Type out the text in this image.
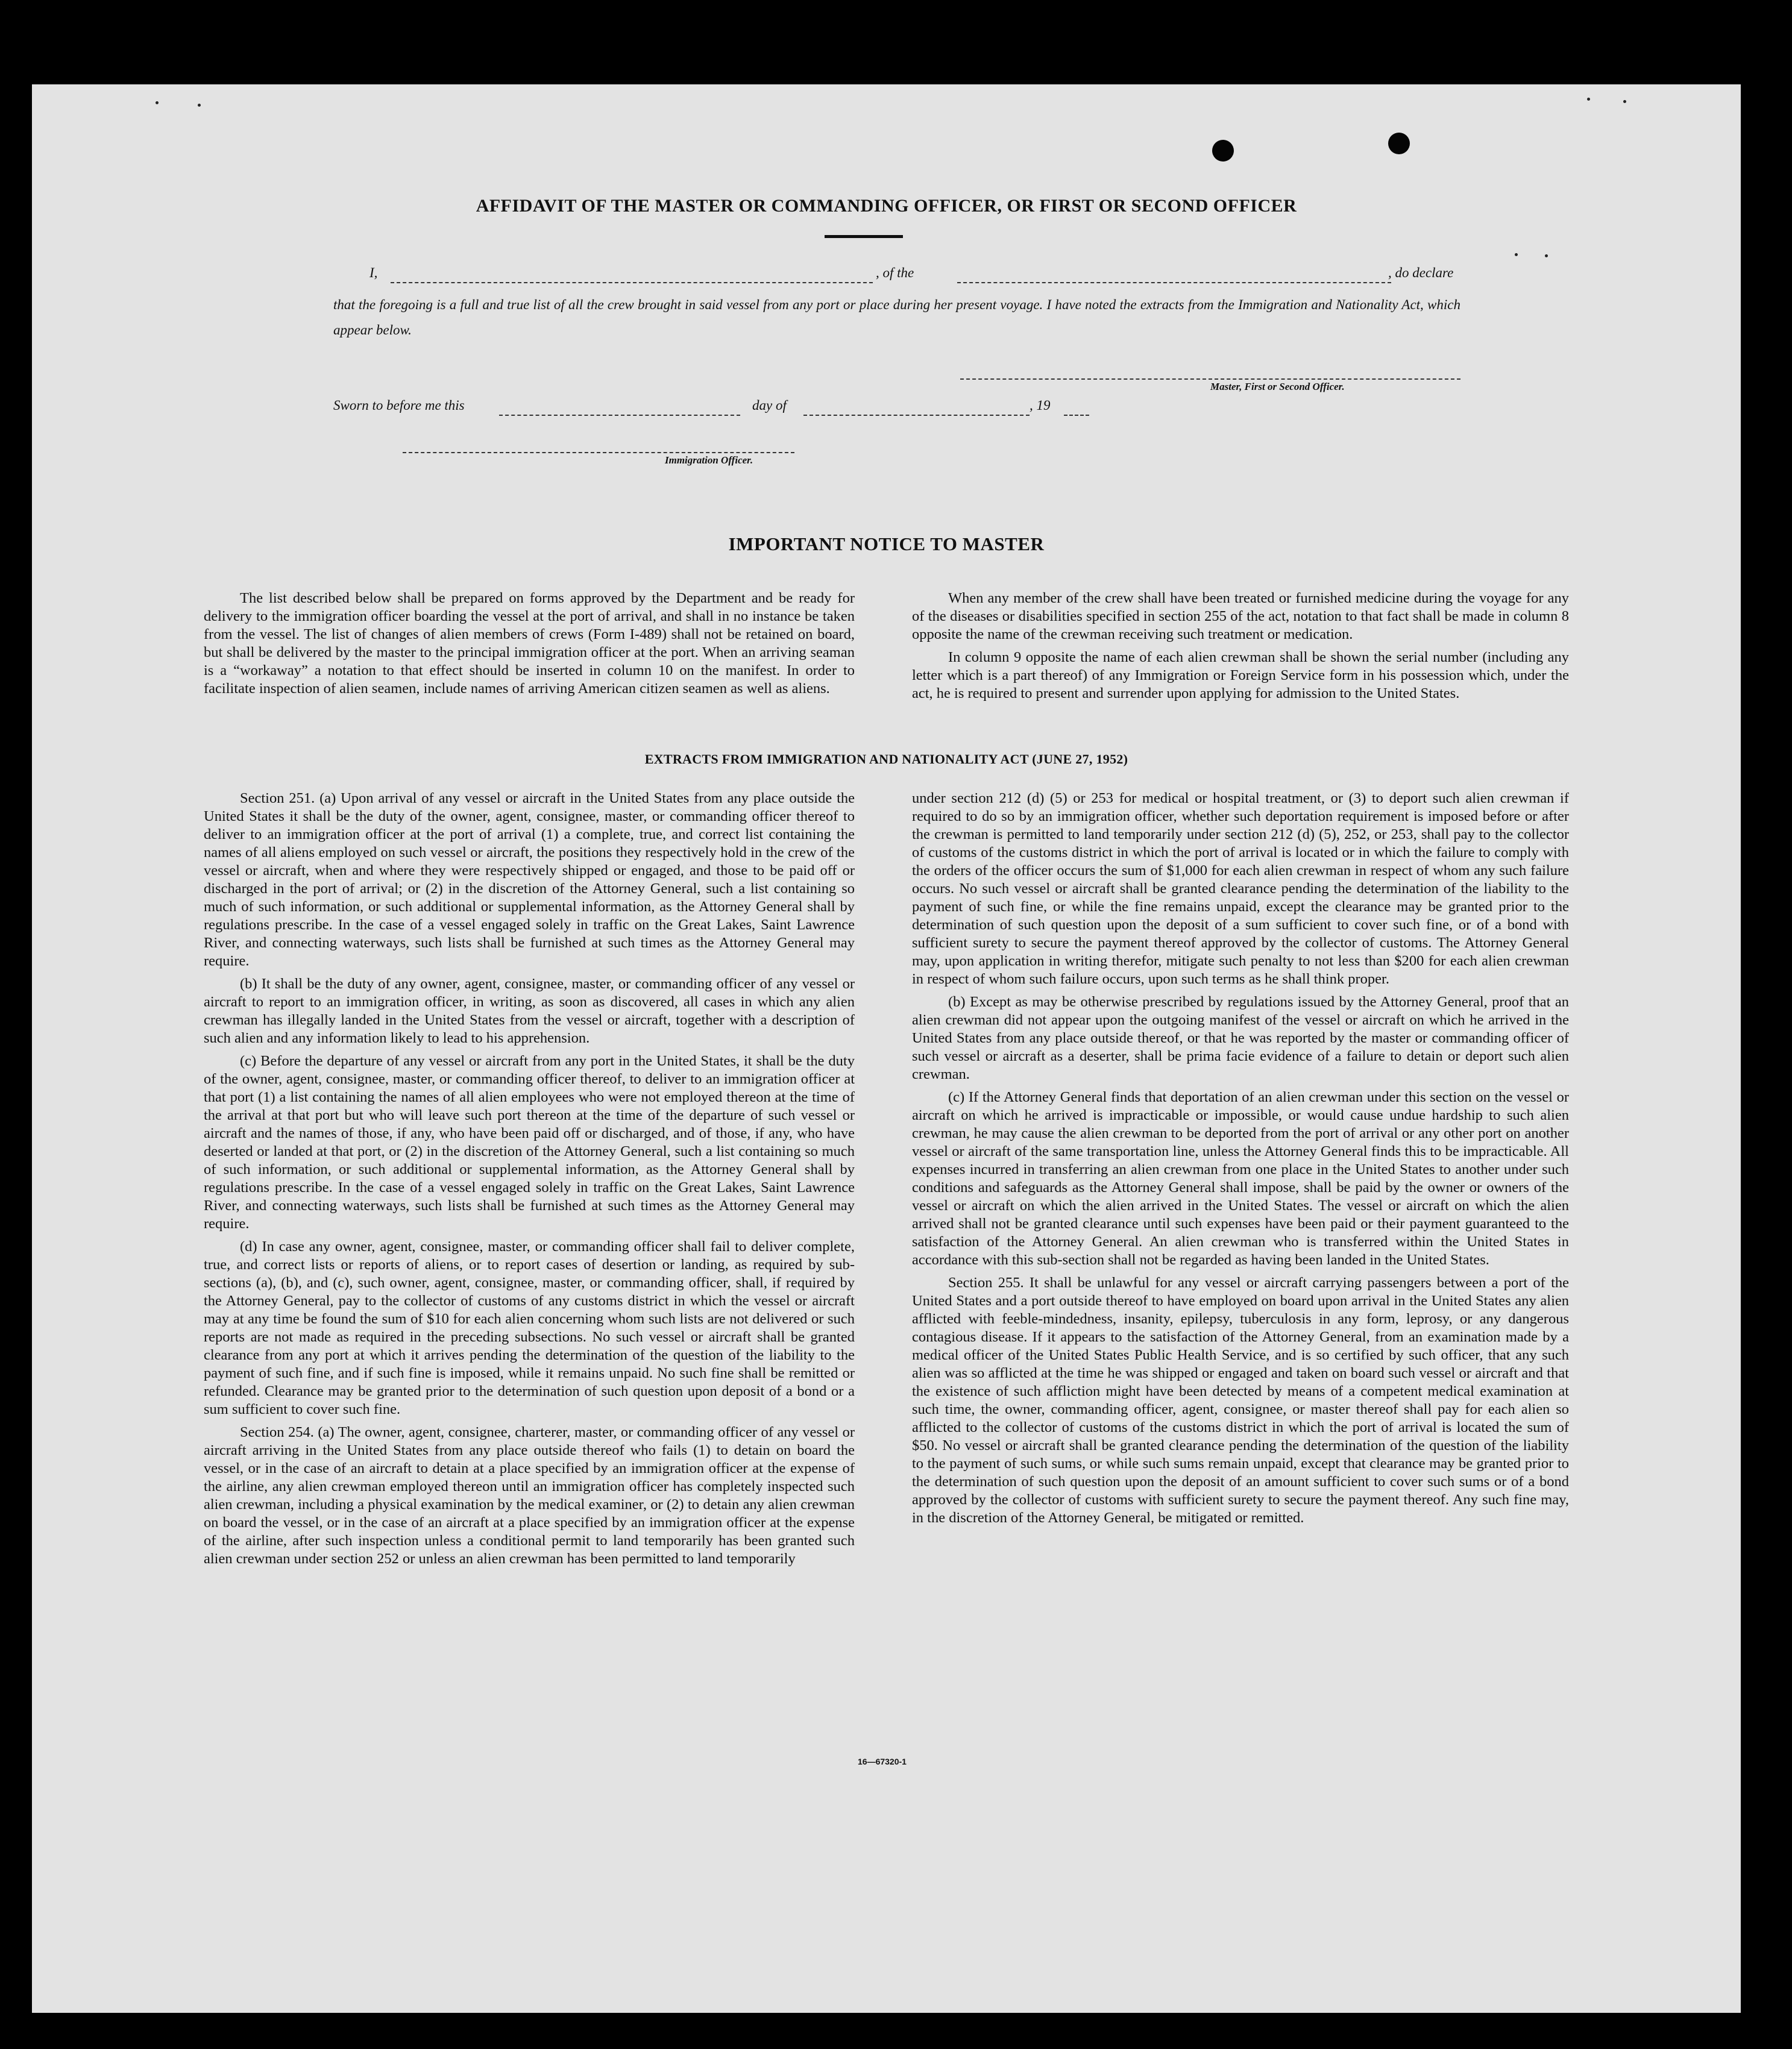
AFFIDAVIT OF THE MASTER OR COMMANDING OFFICER, OR FIRST OR SECOND OFFICER
I,	, of the	, do declare
that the foregoing is a full and true list of all the crew brought in said vessel from any port or place during her present voyage. I have noted the extracts from the Immigration and Nationality Act, which appear below.
Master, First or Second Officer.
Sworn to before me this	day of	, 19
Immigration Officer.
IMPORTANT NOTICE TO MASTER

The list described below shall be prepared on forms approved by the Department and be ready for delivery to the immigration officer boarding the vessel at the port of arrival, and shall in no instance be taken from the vessel. The list of changes of alien members of crews (Form I-489) shall not be retained on board, but shall be delivered by the master to the principal immigration officer at the port. When an arriving seaman is a “workaway” a notation to that effect should be inserted in column 10 on the manifest. In order to facilitate inspection of alien seamen, include names of arriving American citizen seamen as well as aliens.

When any member of the crew shall have been treated or furnished medicine during the voyage for any of the diseases or disabilities specified in section 255 of the act, notation to that fact shall be made in column 8 opposite the name of the crewman receiving such treatment or medication.

In column 9 opposite the name of each alien crewman shall be shown the serial number (including any letter which is a part thereof) of any Immigration or Foreign Service form in his possession which, under the act, he is required to present and surrender upon applying for admission to the United States.

EXTRACTS FROM IMMIGRATION AND NATIONALITY ACT (JUNE 27, 1952)

Section 251. (a) Upon arrival of any vessel or aircraft in the United States from any place outside the United States it shall be the duty of the owner, agent, consignee, master, or commanding officer thereof to deliver to an immigration officer at the port of arrival (1) a complete, true, and correct list containing the names of all aliens employed on such vessel or aircraft, the positions they respectively hold in the crew of the vessel or aircraft, when and where they were respectively shipped or engaged, and those to be paid off or discharged in the port of arrival; or (2) in the discretion of the Attorney General, such a list containing so much of such information, or such additional or supplemental information, as the Attorney General shall by regulations prescribe. In the case of a vessel engaged solely in traffic on the Great Lakes, Saint Lawrence River, and connecting waterways, such lists shall be furnished at such times as the Attorney General may require.

(b) It shall be the duty of any owner, agent, consignee, master, or commanding officer of any vessel or aircraft to report to an immigration officer, in writing, as soon as discovered, all cases in which any alien crewman has illegally landed in the United States from the vessel or aircraft, together with a description of such alien and any information likely to lead to his apprehension.

(c) Before the departure of any vessel or aircraft from any port in the United States, it shall be the duty of the owner, agent, consignee, master, or commanding officer thereof, to deliver to an immigration officer at that port (1) a list containing the names of all alien employees who were not employed thereon at the time of the arrival at that port but who will leave such port thereon at the time of the departure of such vessel or aircraft and the names of those, if any, who have been paid off or discharged, and of those, if any, who have deserted or landed at that port, or (2) in the discretion of the Attorney General, such a list containing so much of such information, or such additional or supplemental information, as the Attorney General shall by regulations prescribe. In the case of a vessel engaged solely in traffic on the Great Lakes, Saint Lawrence River, and connecting waterways, such lists shall be furnished at such times as the Attorney General may require.

(d) In case any owner, agent, consignee, master, or commanding officer shall fail to deliver complete, true, and correct lists or reports of aliens, or to report cases of desertion or landing, as required by sub-sections (a), (b), and (c), such owner, agent, consignee, master, or commanding officer, shall, if required by the Attorney General, pay to the collector of customs of any customs district in which the vessel or aircraft may at any time be found the sum of $10 for each alien concerning whom such lists are not delivered or such reports are not made as required in the preceding subsections. No such vessel or aircraft shall be granted clearance from any port at which it arrives pending the determination of the question of the liability to the payment of such fine, and if such fine is imposed, while it remains unpaid. No such fine shall be remitted or refunded. Clearance may be granted prior to the determination of such question upon deposit of a bond or a sum sufficient to cover such fine.

Section 254. (a) The owner, agent, consignee, charterer, master, or commanding officer of any vessel or aircraft arriving in the United States from any place outside thereof who fails (1) to detain on board the vessel, or in the case of an aircraft to detain at a place specified by an immigration officer at the expense of the airline, any alien crewman employed thereon until an immigration officer has completely inspected such alien crewman, including a physical examination by the medical examiner, or (2) to detain any alien crewman on board the vessel, or in the case of an aircraft at a place specified by an immigration officer at the expense of the airline, after such inspection unless a conditional permit to land temporarily has been granted such alien crewman under section 252 or unless an alien crewman has been permitted to land temporarily

under section 212 (d) (5) or 253 for medical or hospital treatment, or (3) to deport such alien crewman if required to do so by an immigration officer, whether such deportation requirement is imposed before or after the crewman is permitted to land temporarily under section 212 (d) (5), 252, or 253, shall pay to the collector of customs of the customs district in which the port of arrival is located or in which the failure to comply with the orders of the officer occurs the sum of $1,000 for each alien crewman in respect of whom any such failure occurs. No such vessel or aircraft shall be granted clearance pending the determination of the liability to the payment of such fine, or while the fine remains unpaid, except the clearance may be granted prior to the determination of such question upon the deposit of a sum sufficient to cover such fine, or of a bond with sufficient surety to secure the payment thereof approved by the collector of customs. The Attorney General may, upon application in writing therefor, mitigate such penalty to not less than $200 for each alien crewman in respect of whom such failure occurs, upon such terms as he shall think proper.

(b) Except as may be otherwise prescribed by regulations issued by the Attorney General, proof that an alien crewman did not appear upon the outgoing manifest of the vessel or aircraft on which he arrived in the United States from any place outside thereof, or that he was reported by the master or commanding officer of such vessel or aircraft as a deserter, shall be prima facie evidence of a failure to detain or deport such alien crewman.

(c) If the Attorney General finds that deportation of an alien crewman under this section on the vessel or aircraft on which he arrived is impracticable or impossible, or would cause undue hardship to such alien crewman, he may cause the alien crewman to be deported from the port of arrival or any other port on another vessel or aircraft of the same transportation line, unless the Attorney General finds this to be impracticable. All expenses incurred in transferring an alien crewman from one place in the United States to another under such conditions and safeguards as the Attorney General shall impose, shall be paid by the owner or owners of the vessel or aircraft on which the alien arrived in the United States. The vessel or aircraft on which the alien arrived shall not be granted clearance until such expenses have been paid or their payment guaranteed to the satisfaction of the Attorney General. An alien crewman who is transferred within the United States in accordance with this sub-section shall not be regarded as having been landed in the United States.

Section 255. It shall be unlawful for any vessel or aircraft carrying passengers between a port of the United States and a port outside thereof to have employed on board upon arrival in the United States any alien afflicted with feeble-mindedness, insanity, epilepsy, tuberculosis in any form, leprosy, or any dangerous contagious disease. If it appears to the satisfaction of the Attorney General, from an examination made by a medical officer of the United States Public Health Service, and is so certified by such officer, that any such alien was so afflicted at the time he was shipped or engaged and taken on board such vessel or aircraft and that the existence of such affliction might have been detected by means of a competent medical examination at such time, the owner, commanding officer, agent, consignee, or master thereof shall pay for each alien so afflicted to the collector of customs of the customs district in which the port of arrival is located the sum of $50. No vessel or aircraft shall be granted clearance pending the determination of the question of the liability to the payment of such sums, or while such sums remain unpaid, except that clearance may be granted prior to the determination of such question upon the deposit of an amount sufficient to cover such sums or of a bond approved by the collector of customs with sufficient surety to secure the payment thereof. Any such fine may, in the discretion of the Attorney General, be mitigated or remitted.

16—67320-1
